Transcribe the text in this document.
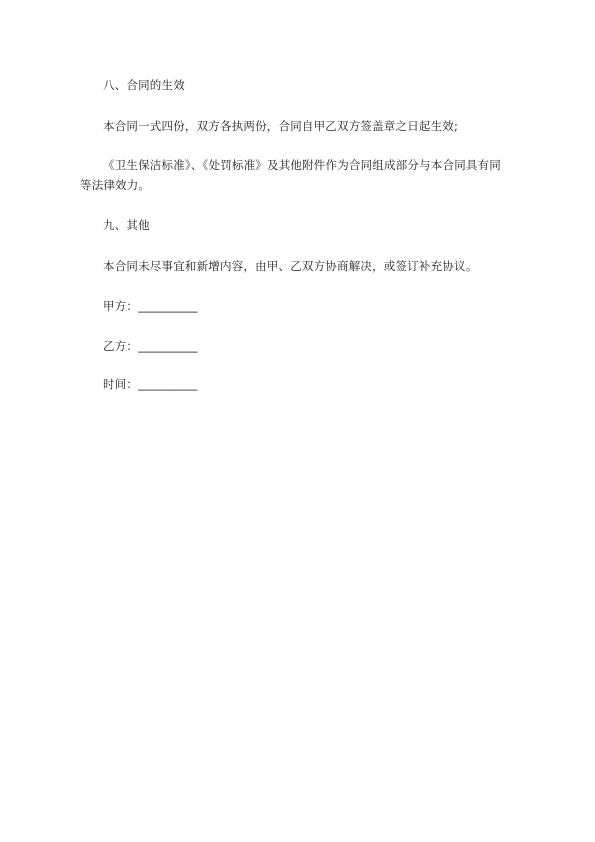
八、合同的生效
本合同一式四份，双方各执两份，合同自甲乙双方签盖章之日起生效;
《卫生保洁标准》、《处罚标准》及其他附件作为合同组成部分与本合同具有同
等法律效力。
九、其他
本合同未尽事宜和新增内容，由甲、乙双方协商解决，或签订补充协议。
甲方：__________
乙方：__________
时间：__________
